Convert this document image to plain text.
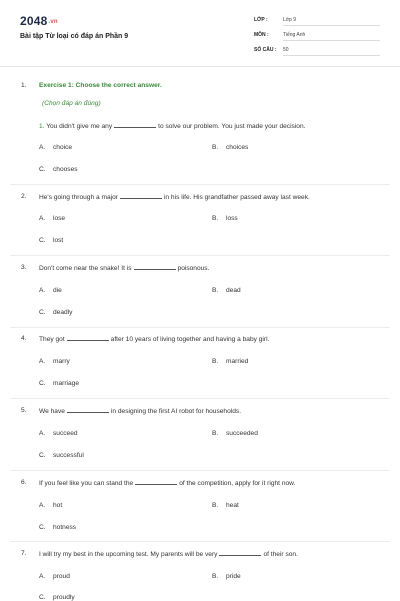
2048.vn
Bài tập Từ loại có đáp án Phần 9
LỚP :	Lớp 9
MÔN :	Tiếng Anh
SỐ CÂU : 50
1. Exercise 1: Choose the correct answer.
(Chọn đáp án đúng)
1. You didn't give me any	to solve our problem. You just made your decision.
A. choice	B. choices
C. chooses
2. He's going through a major	in his life. His grandfather passed away last week.
A. lose	B. loss
C. lost
3. Don't come near the snake! It is	poisonous.
A. die	B. dead
C. deadly
4. They got	after 10 years of living together and having a baby girl.
A. marry	B. married
C. marriage
5. We have	in designing the first AI robot for households.
A. succeed	B. succeeded
C. successful
6. If you feel like you can stand the	of the competition, apply for it right now.
A. hot	B. heat
C. hotness
7. I will try my best in the upcoming test. My parents will be very	of their son.
A. proud	B. pride
C. proudly
